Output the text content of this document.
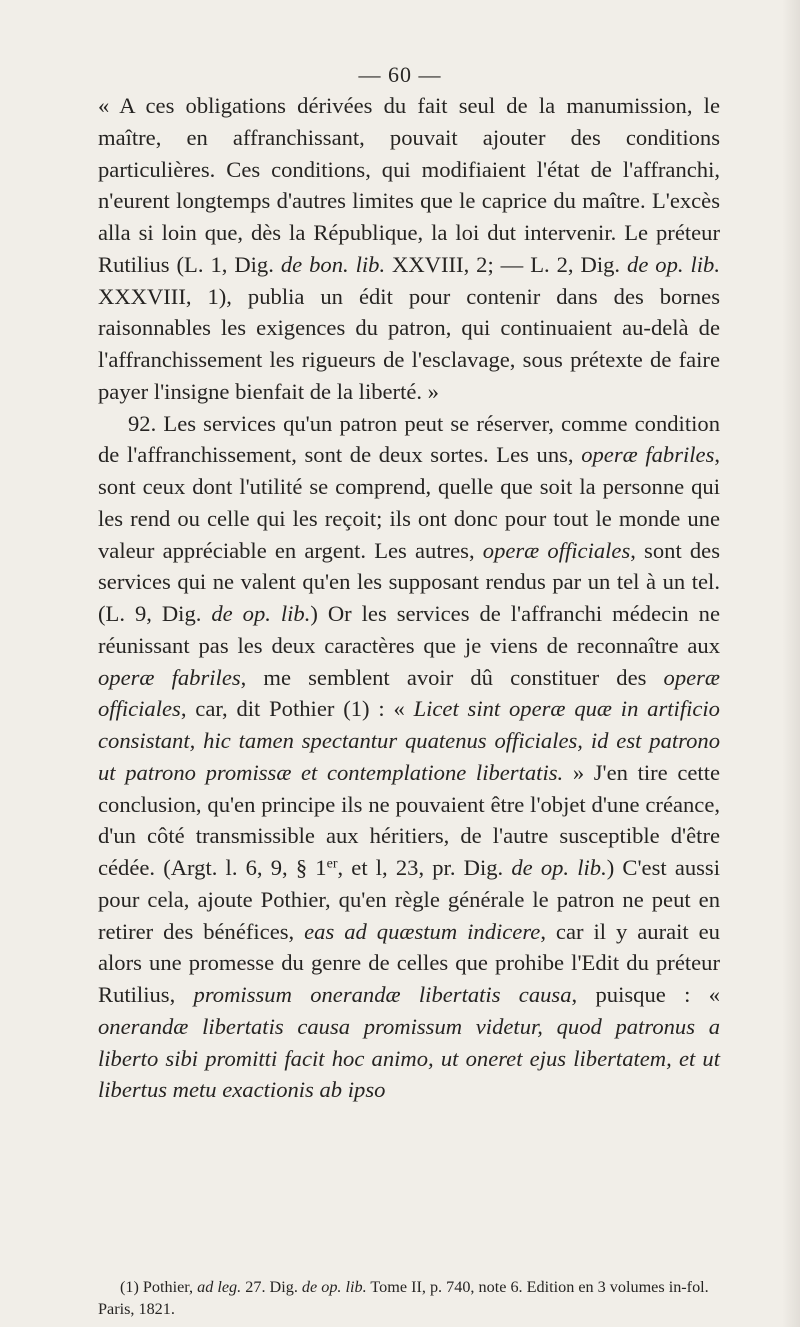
— 60 —

« A ces obligations dérivées du fait seul de la manumission, le maître, en affranchissant, pouvait ajouter des conditions particulières. Ces conditions, qui modifiaient l'état de l'affranchi, n'eurent longtemps d'autres limites que le caprice du maître. L'excès alla si loin que, dès la République, la loi dut intervenir. Le préteur Rutilius (L. 1, Dig. de bon. lib. XXVIII, 2; — L. 2, Dig. de op. lib. XXXVIII, 1), publia un édit pour contenir dans des bornes raisonnables les exigences du patron, qui continuaient au-delà de l'affranchissement les rigueurs de l'esclavage, sous prétexte de faire payer l'insigne bienfait de la liberté. »

92. Les services qu'un patron peut se réserver, comme condition de l'affranchissement, sont de deux sortes. Les uns, operæ fabriles, sont ceux dont l'utilité se comprend, quelle que soit la personne qui les rend ou celle qui les reçoit; ils ont donc pour tout le monde une valeur appréciable en argent. Les autres, operæ officiales, sont des services qui ne valent qu'en les supposant rendus par un tel à un tel. (L. 9, Dig. de op. lib.) Or les services de l'affranchi médecin ne réunissant pas les deux caractères que je viens de reconnaître aux operæ fabriles, me semblent avoir dû constituer des operæ officiales, car, dit Pothier (1) : « Licet sint operæ quæ in artificio consistant, hic tamen spectantur quatenus officiales, id est patrono ut patrono promissæ et contemplatione libertatis. » J'en tire cette conclusion, qu'en principe ils ne pouvaient être l'objet d'une créance, d'un côté transmissible aux héritiers, de l'autre susceptible d'être cédée. (Argt. l. 6, 9, § 1er, et l, 23, pr. Dig. de op. lib.) C'est aussi pour cela, ajoute Pothier, qu'en règle générale le patron ne peut en retirer des bénéfices, eas ad quæstum indicere, car il y aurait eu alors une promesse du genre de celles que prohibe l'Edit du préteur Rutilius, promissum onerandæ libertatis causa, puisque : « onerandæ libertatis causa promissum videtur, quod patronus a liberto sibi promitti facit hoc animo, ut oneret ejus libertatem, et ut libertus metu exactionis ab ipso

(1) Pothier, ad leg. 27. Dig. de op. lib. Tome II, p. 740, note 6. Edition en 3 volumes in-fol. Paris, 1821.
